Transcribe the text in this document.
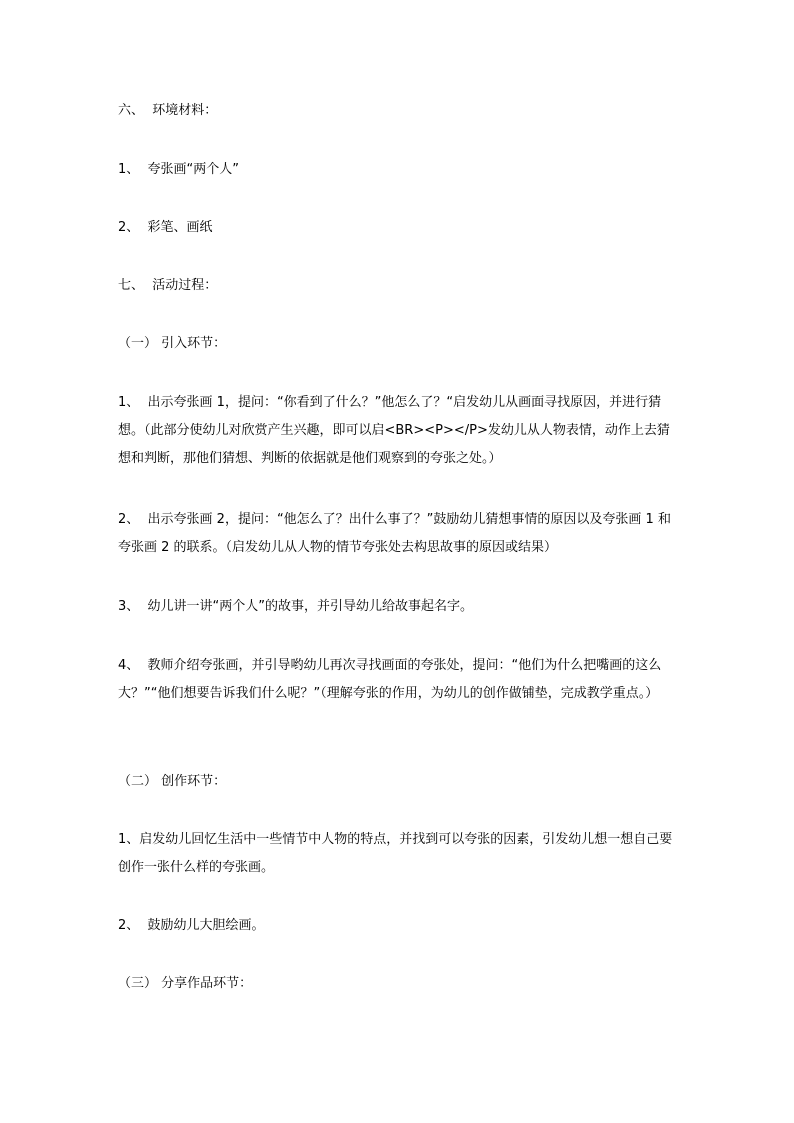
六、  环境材料：
1、  夸张画“两个人”
2、  彩笔、画纸
七、  活动过程：
（一） 引入环节：
1、  出示夸张画 1，提问：“你看到了什么？”他怎么了？“启发幼儿从画面寻找原因，并进行猜想。（此部分使幼儿对欣赏产生兴趣，即可以启<BR><P></P>发幼儿从人物表情，动作上去猜想和判断，那他们猜想、判断的依据就是他们观察到的夸张之处。）
2、  出示夸张画 2，提问：“他怎么了？出什么事了？”鼓励幼儿猜想事情的原因以及夸张画 1 和夸张画 2 的联系。（启发幼儿从人物的情节夸张处去构思故事的原因或结果）
3、  幼儿讲一讲“两个人”的故事，并引导幼儿给故事起名字。
4、  教师介绍夸张画，并引导哟幼儿再次寻找画面的夸张处，提问：“他们为什么把嘴画的这么大？”“他们想要告诉我们什么呢？”（理解夸张的作用，为幼儿的创作做铺垫，完成教学重点。）
（二） 创作环节：
1、启发幼儿回忆生活中一些情节中人物的特点，并找到可以夸张的因素，引发幼儿想一想自己要创作一张什么样的夸张画。
2、  鼓励幼儿大胆绘画。
（三） 分享作品环节：
